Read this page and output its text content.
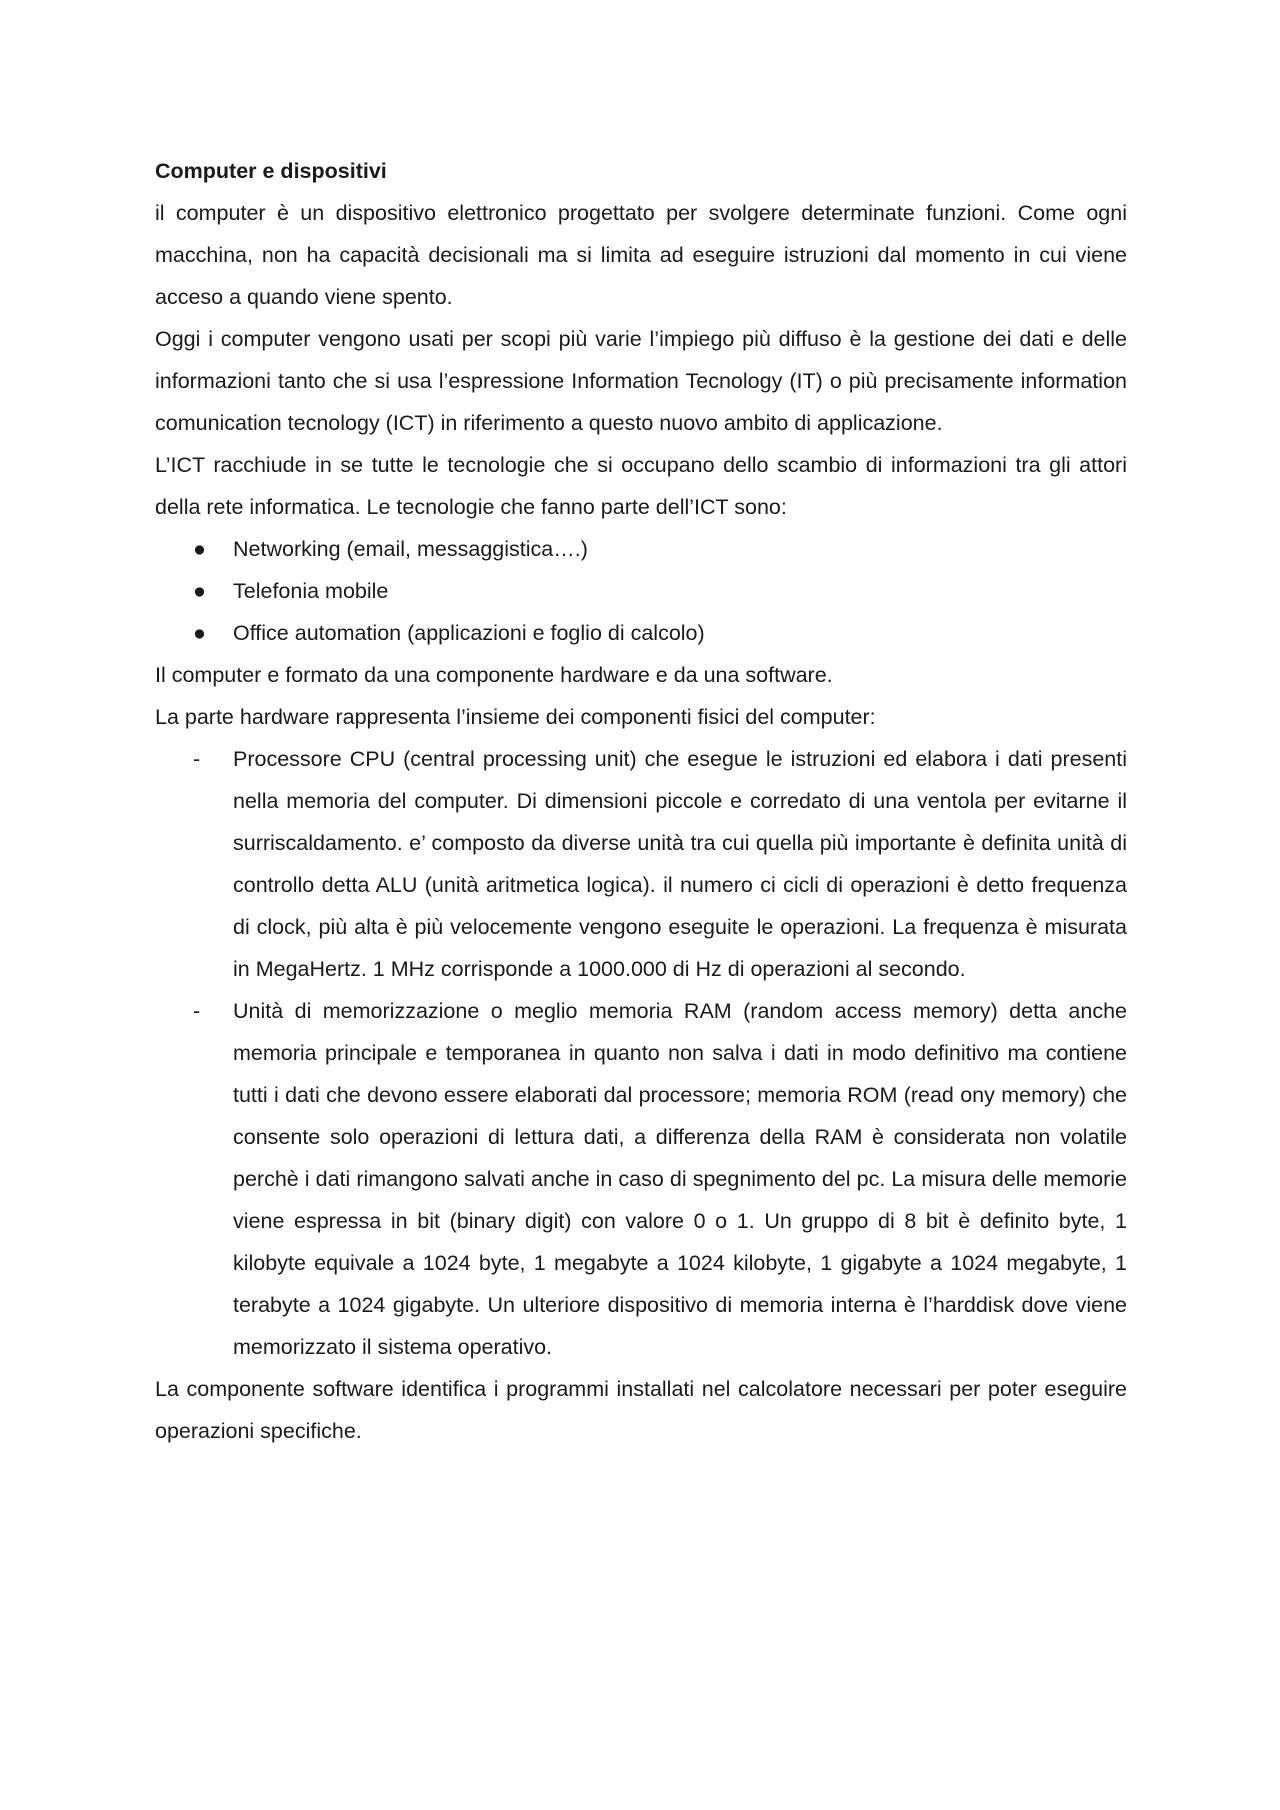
Computer e dispositivi

il computer è un dispositivo elettronico progettato per svolgere determinate funzioni. Come ogni macchina, non ha capacità decisionali ma si limita ad eseguire istruzioni dal momento in cui viene acceso a quando viene spento.

Oggi i computer vengono usati per scopi più varie l’impiego più diffuso è la gestione dei dati e delle informazioni tanto che si usa l’espressione Information Tecnology (IT) o più precisamente information comunication tecnology (ICT) in riferimento a questo nuovo ambito di applicazione.

L’ICT racchiude in se tutte le tecnologie che si occupano dello scambio di informazioni tra gli attori della rete informatica. Le tecnologie che fanno parte dell’ICT sono:

● Networking (email, messaggistica….)
● Telefonia mobile
● Office automation (applicazioni e foglio di calcolo)

Il computer e formato da una componente hardware e da una software.

La parte hardware rappresenta l’insieme dei componenti fisici del computer:

- Processore CPU (central processing unit) che esegue le istruzioni ed elabora i dati presenti nella memoria del computer. Di dimensioni piccole e corredato di una ventola per evitarne il surriscaldamento. e’ composto da diverse unità tra cui quella più importante è definita unità di controllo detta ALU (unità aritmetica logica). il numero ci cicli di operazioni è detto frequenza di clock, più alta è più velocemente vengono eseguite le operazioni. La frequenza è misurata in MegaHertz. 1 MHz corrisponde a 1000.000 di Hz di operazioni al secondo.
- Unità di memorizzazione o meglio memoria RAM (random access memory) detta anche memoria principale e temporanea in quanto non salva i dati in modo definitivo ma contiene tutti i dati che devono essere elaborati dal processore; memoria ROM (read ony memory) che consente solo operazioni di lettura dati, a differenza della RAM è considerata non volatile perchè i dati rimangono salvati anche in caso di spegnimento del pc. La misura delle memorie viene espressa in bit (binary digit) con valore 0 o 1. Un gruppo di 8 bit è definito byte, 1 kilobyte equivale a 1024 byte, 1 megabyte a 1024 kilobyte, 1 gigabyte a 1024 megabyte, 1 terabyte a 1024 gigabyte. Un ulteriore dispositivo di memoria interna è l’harddisk dove viene memorizzato il sistema operativo.

La componente software identifica i programmi installati nel calcolatore necessari per poter eseguire operazioni specifiche.
